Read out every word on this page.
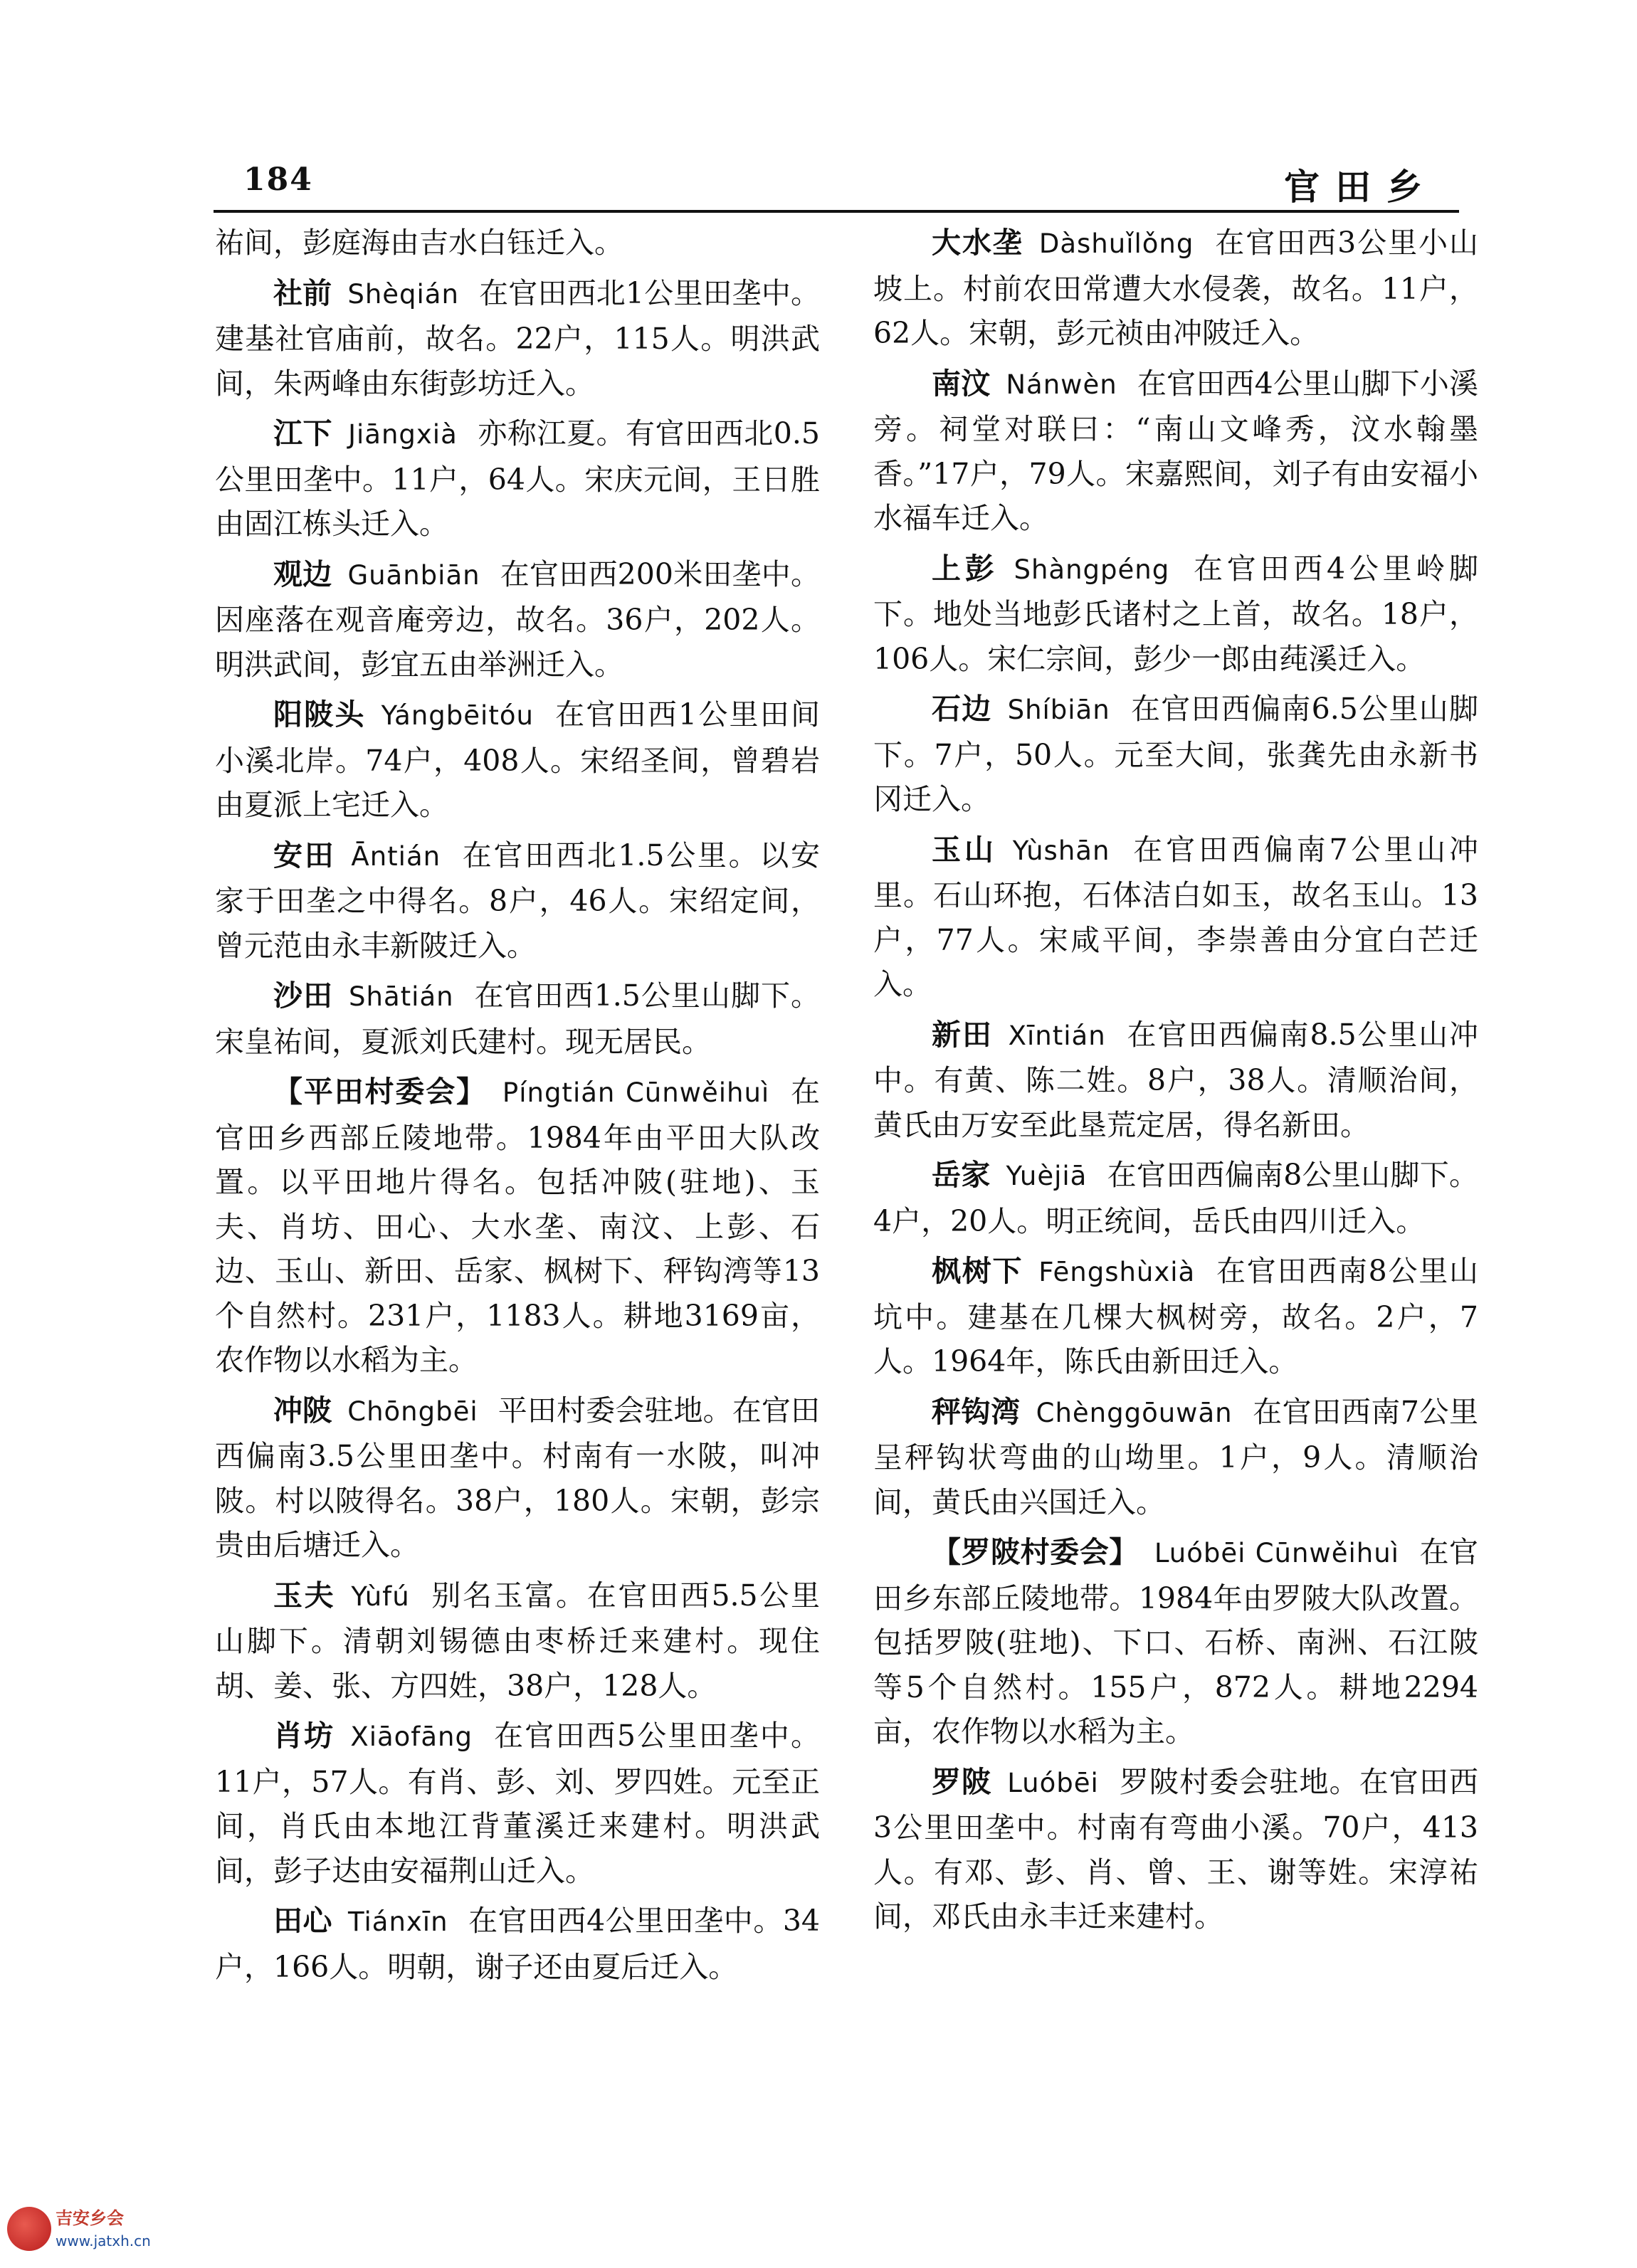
184	官田乡

祐间，彭庭海由吉水白钰迁入。

社前 Shèqián 在官田西北1公里田垄中。建基社官庙前，故名。22户，115人。明洪武间，朱两峰由东街彭坊迁入。

江下 Jiāngxià 亦称江夏。有官田西北0.5公里田垄中。11户，64人。宋庆元间，王日胜由固江栋头迁入。

观边 Guānbiān 在官田西200米田垄中。因座落在观音庵旁边，故名。36户，202人。明洪武间，彭宜五由举洲迁入。

阳陂头 Yángbēitóu 在官田西1公里田间小溪北岸。74户，408人。宋绍圣间，曾碧岩由夏派上宅迁入。

安田 Āntián 在官田西北1.5公里。以安家于田垄之中得名。8户，46人。宋绍定间，曾元范由永丰新陂迁入。

沙田 Shātián 在官田西1.5公里山脚下。宋皇祐间，夏派刘氏建村。现无居民。

【平田村委会】 Píngtián Cūnwěihuì 在官田乡西部丘陵地带。1984年由平田大队改置。以平田地片得名。包括冲陂(驻地)、玉夫、肖坊、田心、大水垄、南汶、上彭、石边、玉山、新田、岳家、枫树下、秤钩湾等13个自然村。231户，1183人。耕地3169亩，农作物以水稻为主。

冲陂 Chōngbēi 平田村委会驻地。在官田西偏南3.5公里田垄中。村南有一水陂，叫冲陂。村以陂得名。38户，180人。宋朝，彭宗贵由后塘迁入。

玉夫 Yùfú 别名玉富。在官田西5.5公里山脚下。清朝刘锡德由枣桥迁来建村。现住胡、姜、张、方四姓，38户，128人。

肖坊 Xiāofāng 在官田西5公里田垄中。11户，57人。有肖、彭、刘、罗四姓。元至正间，肖氏由本地江背董溪迁来建村。明洪武间，彭子达由安福荆山迁入。

田心 Tiánxīn 在官田西4公里田垄中。34户，166人。明朝，谢子还由夏后迁入。

大水垄 Dàshuǐlǒng 在官田西3公里小山坡上。村前农田常遭大水侵袭，故名。11户，62人。宋朝，彭元祯由冲陂迁入。

南汶 Nánwèn 在官田西4公里山脚下小溪旁。祠堂对联曰：“南山文峰秀，汶水翰墨香。”17户，79人。宋嘉熙间，刘子有由安福小水福车迁入。

上彭 Shàngpéng 在官田西4公里岭脚下。地处当地彭氏诸村之上首，故名。18户，106人。宋仁宗间，彭少一郎由莼溪迁入。

石边 Shíbiān 在官田西偏南6.5公里山脚下。7户，50人。元至大间，张龚先由永新书冈迁入。

玉山 Yùshān 在官田西偏南7公里山冲里。石山环抱，石体洁白如玉，故名玉山。13户，77人。宋咸平间，李崇善由分宜白芒迁入。

新田 Xīntián 在官田西偏南8.5公里山冲中。有黄、陈二姓。8户，38人。清顺治间，黄氏由万安至此垦荒定居，得名新田。

岳家 Yuèjiā 在官田西偏南8公里山脚下。4户，20人。明正统间，岳氏由四川迁入。

枫树下 Fēngshùxià 在官田西南8公里山坑中。建基在几棵大枫树旁，故名。2户，7人。1964年，陈氏由新田迁入。

秤钩湾 Chènggōuwān 在官田西南7公里呈秤钩状弯曲的山坳里。1户，9人。清顺治间，黄氏由兴国迁入。

【罗陂村委会】 Luóbēi Cūnwěihuì 在官田乡东部丘陵地带。1984年由罗陂大队改置。包括罗陂(驻地)、下口、石桥、南洲、石江陂等5个自然村。155户，872人。耕地2294亩，农作物以水稻为主。

罗陂 Luóbēi 罗陂村委会驻地。在官田西3公里田垄中。村南有弯曲小溪。70户，413人。有邓、彭、肖、曾、王、谢等姓。宋淳祐间，邓氏由永丰迁来建村。

吉安乡会
www.jatxh.cn
